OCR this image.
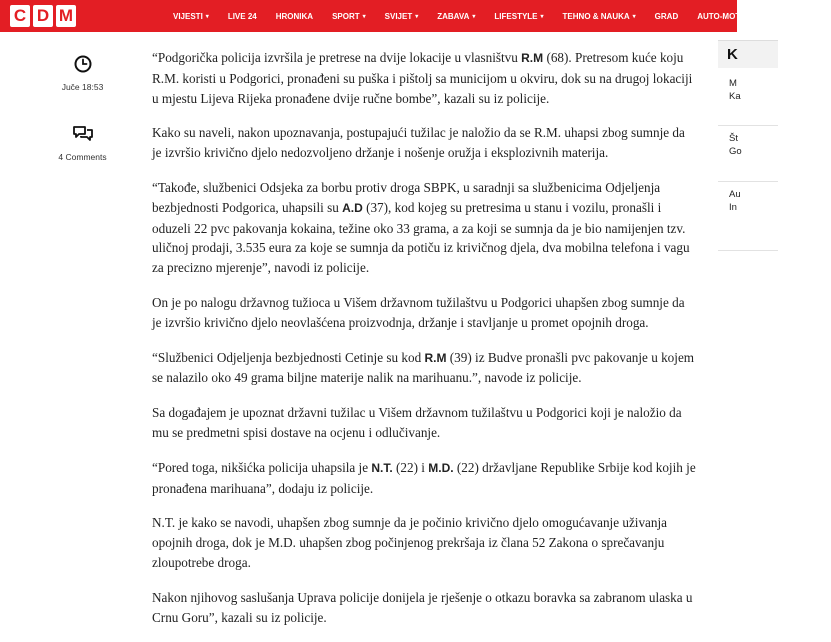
C D M	VIJESTI ▾ LIVE 24 HRONIKA SPORT ▾ SVIJET ▾ ZABAVA ▾ LIFESTYLE ▾ TEHNO & NAUKA ▾ GRAD AUTO-MOTO ▾ KOLUMNE
Juče 18:53
4 Comments

“Podgorička policija izvršila je pretrese na dvije lokacije u vlasništvu R.M (68). Pretresom kuće koju R.M. koristi u Podgorici, pronađeni su puška i pištolj sa municijom u okviru, dok su na drugoj lokaciji u mjestu Lijeva Rijeka pronađene dvije ručne bombe”, kazali su iz policije.

Kako su naveli, nakon upoznavanja, postupajući tužilac je naložio da se R.M. uhapsi zbog sumnje da je izvršio krivično djelo nedozvoljeno držanje i nošenje oružja i eksplozivnih materija.

“Takođe, službenici Odsjeka za borbu protiv droga SBPK, u saradnji sa službenicima Odjeljenja bezbjednosti Podgorica, uhapsili su A.D (37), kod kojeg su pretresima u stanu i vozilu, pronašli i oduzeli 22 pvc pakovanja kokaina, težine oko 33 grama, a za koji se sumnja da je bio namijenjen tzv. uličnoj prodaji, 3.535 eura za koje se sumnja da potiču iz krivičnog djela, dva mobilna telefona i vagu za precizno mjerenje”, navodi iz policije.

On je po nalogu državnog tužioca u Višem državnom tužilaštvu u Podgorici uhapšen zbog sumnje da je izvršio krivično djelo neovlašćena proizvodnja, držanje i stavljanje u promet opojnih droga.

“Službenici Odjeljenja bezbjednosti Cetinje su kod R.M (39) iz Budve pronašli pvc pakovanje u kojem se nalazilo oko 49 grama biljne materije nalik na marihuanu.”, navode iz policije.

Sa događajem je upoznat državni tužilac u Višem državnom tužilaštvu u Podgorici koji je naložio da mu se predmetni spisi dostave na ocjenu i odlučivanje.

“Pored toga, nikšićka policija uhapsila je N.T. (22) i M.D. (22) državljane Republike Srbije kod kojih je pronađena marihuana”, dodaju iz policije.

N.T. je kako se navodi, uhapšen zbog sumnje da je počinio krivično djelo omogućavanje uživanja opojnih droga, dok je M.D. uhapšen zbog počinjenog prekršaja iz člana 52 Zakona o sprečavanju zloupotrebe droga.

Nakon njihovog saslušanja Uprava policije donijela je rješenje o otkazu boravka sa zabranom ulaska u Crnu Goru”, kazali su iz policije.

K
M
Ka
Št
Go
Au
In
